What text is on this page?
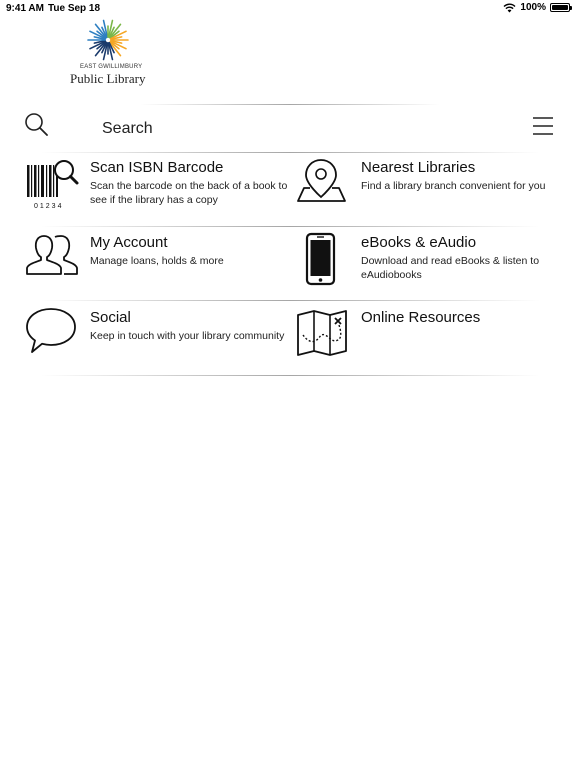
9:41 AM Tue Sep 18	100%
EAST GWILLIMBURY
Public Library
Search
01234
Scan ISBN Barcode
Scan the barcode on the back of a book to see if the library has a copy
Nearest Libraries
Find a library branch convenient for you
My Account
Manage loans, holds & more
eBooks & eAudio
Download and read eBooks & listen to eAudiobooks
Social
Keep in touch with your library community
Online Resources
